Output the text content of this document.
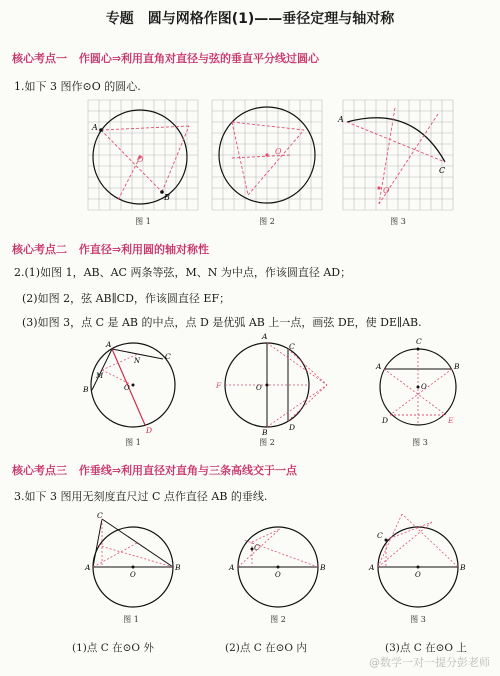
专题　圆与网格作图(1)——垂径定理与轴对称
核心考点一 作圆心⇒利用直角对直径与弦的垂直平分线过圆心
1.如下 3 图作⊙O 的圆心.
A
B
O
图 1
O
图 2
A
C
O
图 3
核心考点二 作直径⇒利用圆的轴对称性
2.(1)如图 1，AB、AC 两条等弦，M、N 为中点，作该圆直径 AD；
(2)如图 2，弦 AB∥CD，作该圆直径 EF；
(3)如图 3，点 C 是 AB 的中点，点 D 是优弧 AB 上一点，画弦 DE，使 DE∥AB.
A
C
B
M
N
O
D
图 1
A
C
B
D
F	O
图 2
C
A	B
D	E
O
图 3
核心考点三 作垂线⇒利用直径对直角与三条高线交于一点
3.如下 3 图用无刻度直尺过 C 点作直径 AB 的垂线.
C
A	B
O
图 1
(1)点 C 在⊙O 外
C
A	B
O
图 2
(2)点 C 在⊙O 内
C
A	B
O
图 3
(3)点 C 在⊙O 上
@数学一对一提分彭老师
